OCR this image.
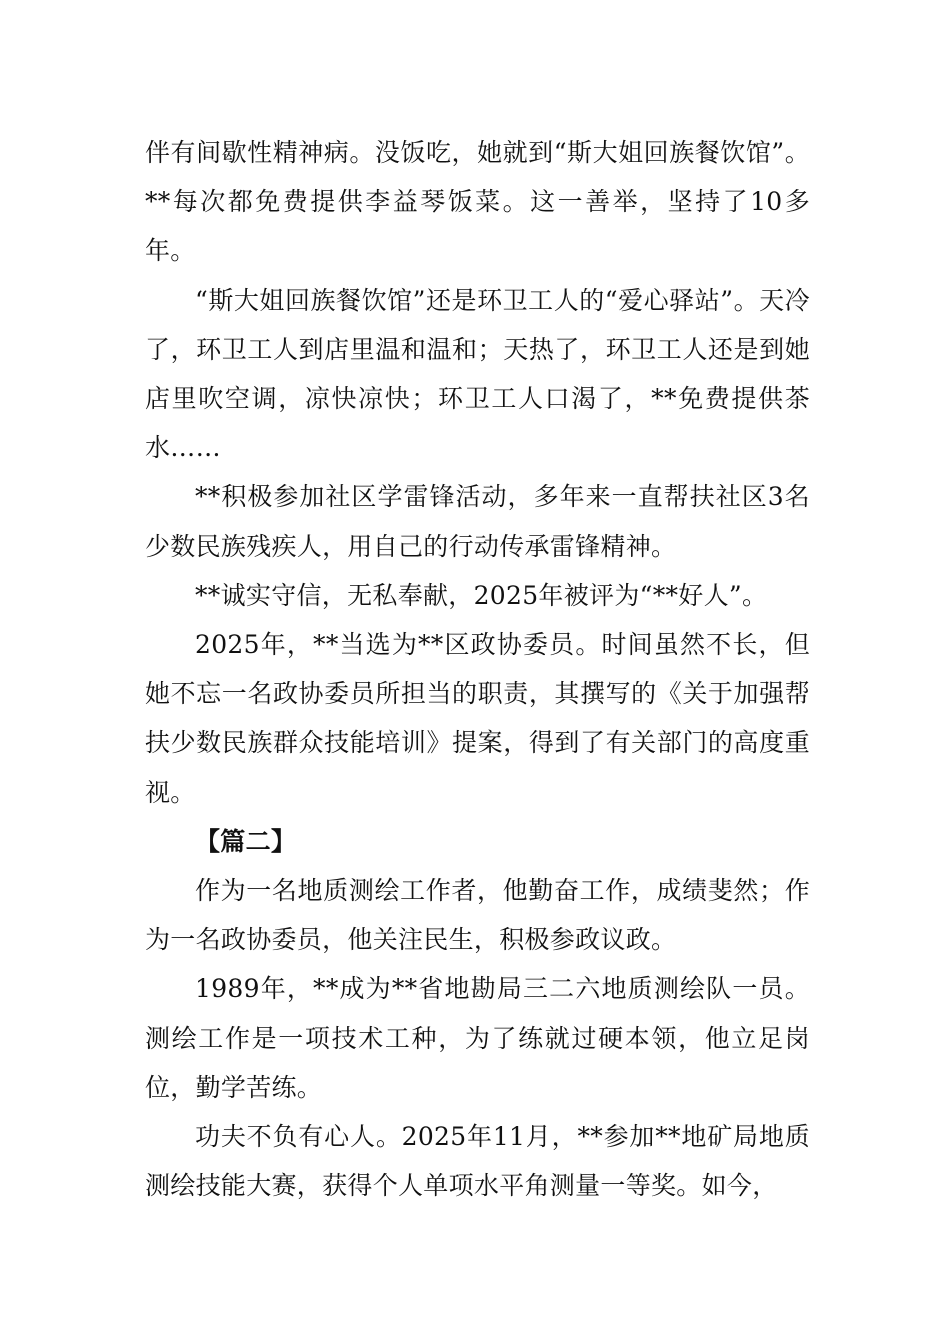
伴有间歇性精神病。没饭吃，她就到“斯大姐回族餐饮馆”。**每次都免费提供李益琴饭菜。这一善举，坚持了10多年。

“斯大姐回族餐饮馆”还是环卫工人的“爱心驿站”。天冷了，环卫工人到店里温和温和；天热了，环卫工人还是到她店里吹空调，凉快凉快；环卫工人口渴了，**免费提供茶水……

**积极参加社区学雷锋活动，多年来一直帮扶社区3名少数民族残疾人，用自己的行动传承雷锋精神。

**诚实守信，无私奉献，2025年被评为“**好人”。

2025年，**当选为**区政协委员。时间虽然不长，但她不忘一名政协委员所担当的职责，其撰写的《关于加强帮扶少数民族群众技能培训》提案，得到了有关部门的高度重视。

【篇二】

作为一名地质测绘工作者，他勤奋工作，成绩斐然；作为一名政协委员，他关注民生，积极参政议政。

1989年，**成为**省地勘局三二六地质测绘队一员。测绘工作是一项技术工种，为了练就过硬本领，他立足岗位，勤学苦练。

功夫不负有心人。2025年11月，**参加**地矿局地质测绘技能大赛，获得个人单项水平角测量一等奖。如今，
